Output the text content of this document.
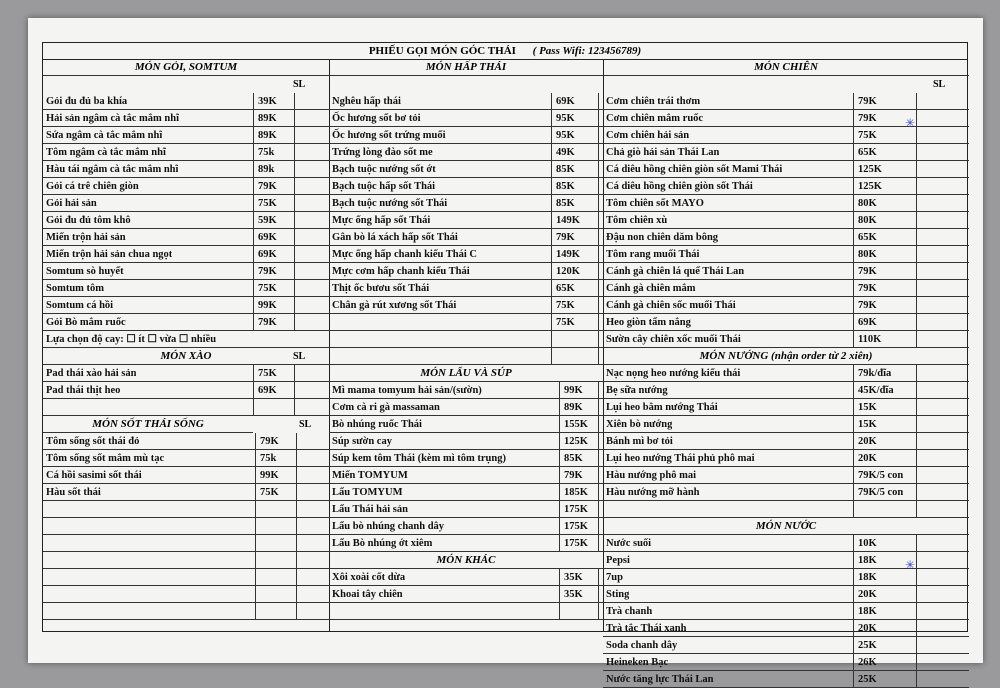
PHIẾU GỌI MÓN GÓC THÁI ( Pass Wifi: 123456789)
MÓN GỎI, SOMTUM
SL
Gỏi đu đủ ba khía	39K
Hải sản ngâm cà tắc mắm nhĩ	89K
Sứa ngâm cà tắc mắm nhĩ	89K
Tôm ngâm cà tắc mắm nhĩ	75k
Hàu tái ngâm cà tắc mắm nhĩ	89k
Gỏi cá trê chiên giòn	79K
Gỏi hải sản	75K
Gỏi đu đủ tôm khô	59K
Miến trộn hải sản	69K
Miến trộn hải sản chua ngọt	69K
Somtum sò huyết	79K
Somtum tôm	75K
Somtum cá hồi	99K
Gỏi Bò mắm ruốc	79K
Lựa chọn độ cay: ☐ ít ☐ vừa ☐ nhiều
MÓN XÀO	SL
Pad thái xào hải sản	75K
Pad thái thịt heo	69K
MÓN SỐT THÁI SỐNG	SL
Tôm sống sốt thái đỏ	79K
Tôm sống sốt mắm mù tạc	75k
Cá hồi sasimi sốt thái	99K
Hàu sốt thái	75K
MÓN HẤP THÁI
Nghêu hấp thái	69K
Ốc hương sốt bơ tỏi	95K
Ốc hương sốt trứng muối	95K
Trứng lòng đào sốt me	49K
Bạch tuộc nướng sốt ớt	85K
Bạch tuộc hấp sốt Thái	85K
Bạch tuộc nướng sốt Thái	85K
Mực ống hấp sốt Thái	149K
Gân bò lá xách hấp sốt Thái	79K
Mực ống hấp chanh kiểu Thái C	149K
Mực cơm hấp chanh kiểu Thái	120K
Thịt ốc bươu sốt Thái	65K
Chân gà rút xương sốt Thái	75K
75K
MÓN LẨU VÀ SÚP
Mì mama tomyum hải sản/(sườn)	99K
Cơm cà ri gà massaman	89K
Bò nhúng ruốc Thái	155K
Súp sườn cay	125K
Súp kem tôm Thái (kèm mì tôm trụng)	85K
Miến TOMYUM	79K
Lẩu TOMYUM	185K
Lẩu Thái hải sản	175K
Lẩu bò nhúng chanh dây	175K
Lẩu Bò nhúng ớt xiêm	175K
MÓN KHÁC
Xôi xoài cốt dừa	35K
Khoai tây chiên	35K
MÓN CHIÊN
SL
Cơm chiên trái thơm	79K
Cơm chiên mắm ruốc	79K
Cơm chiên hải sản	75K
Chả giò hải sản Thái Lan	65K
Cá diêu hồng chiên giòn sốt Mami Thái	125K
Cá diêu hồng chiên giòn sốt Thái	125K
Tôm chiên sốt MAYO	80K
Tôm chiên xù	80K
Đậu non chiên dăm bông	65K
Tôm rang muối Thái	80K
Cánh gà chiên lá quế Thái Lan	79K
Cánh gà chiên mắm	79K
Cánh gà chiên sốc muối Thái	79K
Heo giòn tẩm nắng	69K
Sườn cây chiên xốc muối Thái	110K
MÓN NƯỚNG (nhận order từ 2 xiên)
Nạc nọng heo nướng kiểu thái	79k/đĩa
Bẹ sữa nướng	45K/đĩa
Lụi heo bằm nướng Thái	15K
Xiên bò nướng	15K
Bánh mì bơ tỏi	20K
Lụi heo nướng Thái phủ phô mai	20K
Hàu nướng phô mai	79K/5 con
Hàu nướng mỡ hành	79K/5 con
MÓN NƯỚC
Nước suối	10K
Pepsi	18K
7up	18K
Sting	20K
Trà chanh	18K
Trà tắc Thái xanh	20K
Soda chanh dây	25K
Heineken Bạc	26K
Nước tăng lực Thái Lan	25K
✳
✳
